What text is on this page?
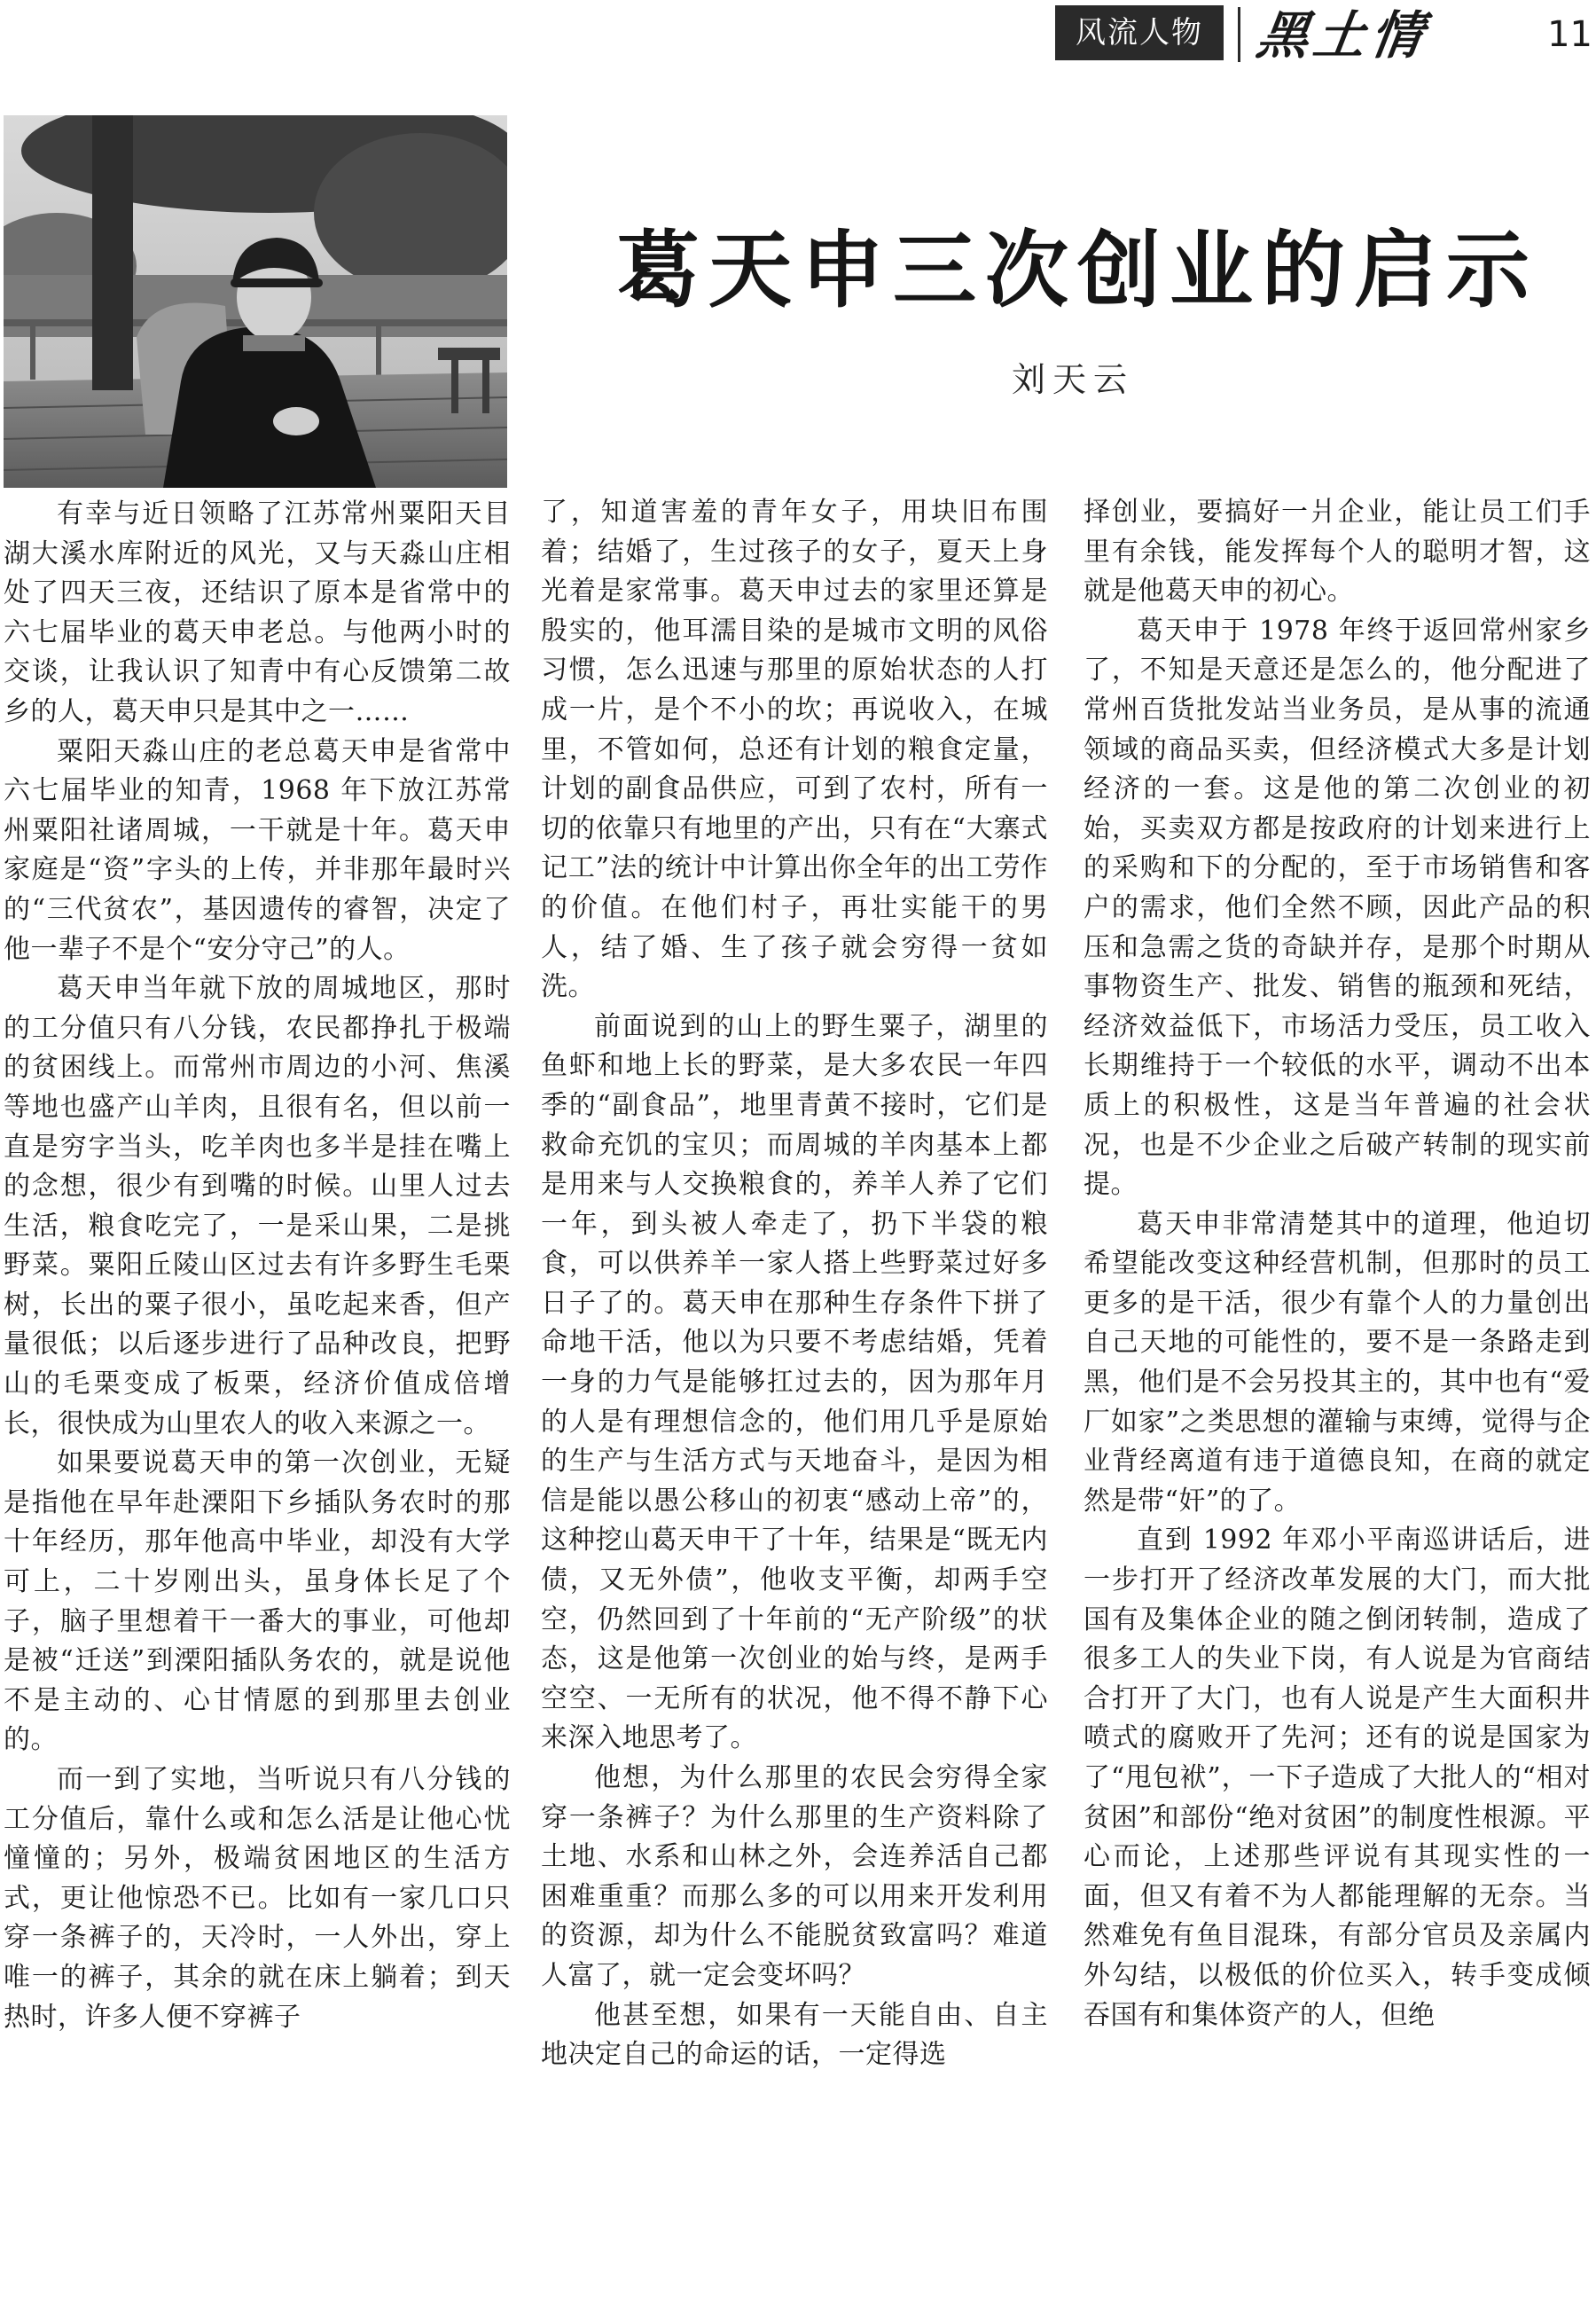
风流人物 黑土情	11
葛天申三次创业的启示
刘天云

有幸与近日领略了江苏常州粟阳天目湖大溪水库附近的风光，又与天淼山庄相处了四天三夜，还结识了原本是省常中的六七届毕业的葛天申老总。与他两小时的交谈，让我认识了知青中有心反馈第二故乡的人，葛天申只是其中之一……

粟阳天淼山庄的老总葛天申是省常中六七届毕业的知青，1968 年下放江苏常州粟阳社诸周城，一干就是十年。葛天申家庭是“资”字头的上传，并非那年最时兴的“三代贫农”，基因遗传的睿智，决定了他一辈子不是个“安分守己”的人。

葛天申当年就下放的周城地区，那时的工分值只有八分钱，农民都挣扎于极端的贫困线上。而常州市周边的小河、焦溪等地也盛产山羊肉，且很有名，但以前一直是穷字当头，吃羊肉也多半是挂在嘴上的念想，很少有到嘴的时候。山里人过去生活，粮食吃完了，一是采山果，二是挑野菜。粟阳丘陵山区过去有许多野生毛栗树，长出的粟子很小，虽吃起来香，但产量很低；以后逐步进行了品种改良，把野山的毛栗变成了板栗，经济价值成倍增长，很快成为山里农人的收入来源之一。

如果要说葛天申的第一次创业，无疑是指他在早年赴溧阳下乡插队务农时的那十年经历，那年他高中毕业，却没有大学可上，二十岁刚出头，虽身体长足了个子，脑子里想着干一番大的事业，可他却是被“迁送”到溧阳插队务农的，就是说他不是主动的、心甘情愿的到那里去创业的。

而一到了实地，当听说只有八分钱的工分值后，靠什么或和怎么活是让他心忧憧憧的；另外，极端贫困地区的生活方式，更让他惊恐不已。比如有一家几口只穿一条裤子的，天冷时，一人外出，穿上唯一的裤子，其余的就在床上躺着；到天热时，许多人便不穿裤子

了，知道害羞的青年女子，用块旧布围着；结婚了，生过孩子的女子，夏天上身光着是家常事。葛天申过去的家里还算是殷实的，他耳濡目染的是城市文明的风俗习惯，怎么迅速与那里的原始状态的人打成一片，是个不小的坎；再说收入，在城里，不管如何，总还有计划的粮食定量，计划的副食品供应，可到了农村，所有一切的依靠只有地里的产出，只有在“大寨式记工”法的统计中计算出你全年的出工劳作的价值。在他们村子，再壮实能干的男人，结了婚、生了孩子就会穷得一贫如洗。

前面说到的山上的野生粟子，湖里的鱼虾和地上长的野菜，是大多农民一年四季的“副食品”，地里青黄不接时，它们是救命充饥的宝贝；而周城的羊肉基本上都是用来与人交换粮食的，养羊人养了它们一年，到头被人牵走了，扔下半袋的粮食，可以供养羊一家人搭上些野菜过好多日子了的。葛天申在那种生存条件下拼了命地干活，他以为只要不考虑结婚，凭着一身的力气是能够扛过去的，因为那年月的人是有理想信念的，他们用几乎是原始的生产与生活方式与天地奋斗，是因为相信是能以愚公移山的初衷“感动上帝”的，这种挖山葛天申干了十年，结果是“既无内债，又无外债”，他收支平衡，却两手空空，仍然回到了十年前的“无产阶级”的状态，这是他第一次创业的始与终，是两手空空、一无所有的状况，他不得不静下心来深入地思考了。

他想，为什么那里的农民会穷得全家穿一条裤子？为什么那里的生产资料除了土地、水系和山林之外，会连养活自己都困难重重？而那么多的可以用来开发利用的资源，却为什么不能脱贫致富吗？难道人富了，就一定会变坏吗？

他甚至想，如果有一天能自由、自主地决定自己的命运的话，一定得选

择创业，要搞好一爿企业，能让员工们手里有余钱，能发挥每个人的聪明才智，这就是他葛天申的初心。

葛天申于 1978 年终于返回常州家乡了，不知是天意还是怎么的，他分配进了常州百货批发站当业务员，是从事的流通领域的商品买卖，但经济模式大多是计划经济的一套。这是他的第二次创业的初始，买卖双方都是按政府的计划来进行上的采购和下的分配的，至于市场销售和客户的需求，他们全然不顾，因此产品的积压和急需之货的奇缺并存，是那个时期从事物资生产、批发、销售的瓶颈和死结，经济效益低下，市场活力受压，员工收入长期维持于一个较低的水平，调动不出本质上的积极性，这是当年普遍的社会状况，也是不少企业之后破产转制的现实前提。

葛天申非常清楚其中的道理，他迫切希望能改变这种经营机制，但那时的员工更多的是干活，很少有靠个人的力量创出自己天地的可能性的，要不是一条路走到黑，他们是不会另投其主的，其中也有“爱厂如家”之类思想的灌输与束缚，觉得与企业背经离道有违于道德良知，在商的就定然是带“奸”的了。

直到 1992 年邓小平南巡讲话后，进一步打开了经济改革发展的大门，而大批国有及集体企业的随之倒闭转制，造成了很多工人的失业下岗，有人说是为官商结合打开了大门，也有人说是产生大面积井喷式的腐败开了先河；还有的说是国家为了“甩包袱”，一下子造成了大批人的“相对贫困”和部份“绝对贫困”的制度性根源。平心而论，上述那些评说有其现实性的一面，但又有着不为人都能理解的无奈。当然难免有鱼目混珠，有部分官员及亲属内外勾结，以极低的价位买入，转手变成倾吞国有和集体资产的人，但绝
